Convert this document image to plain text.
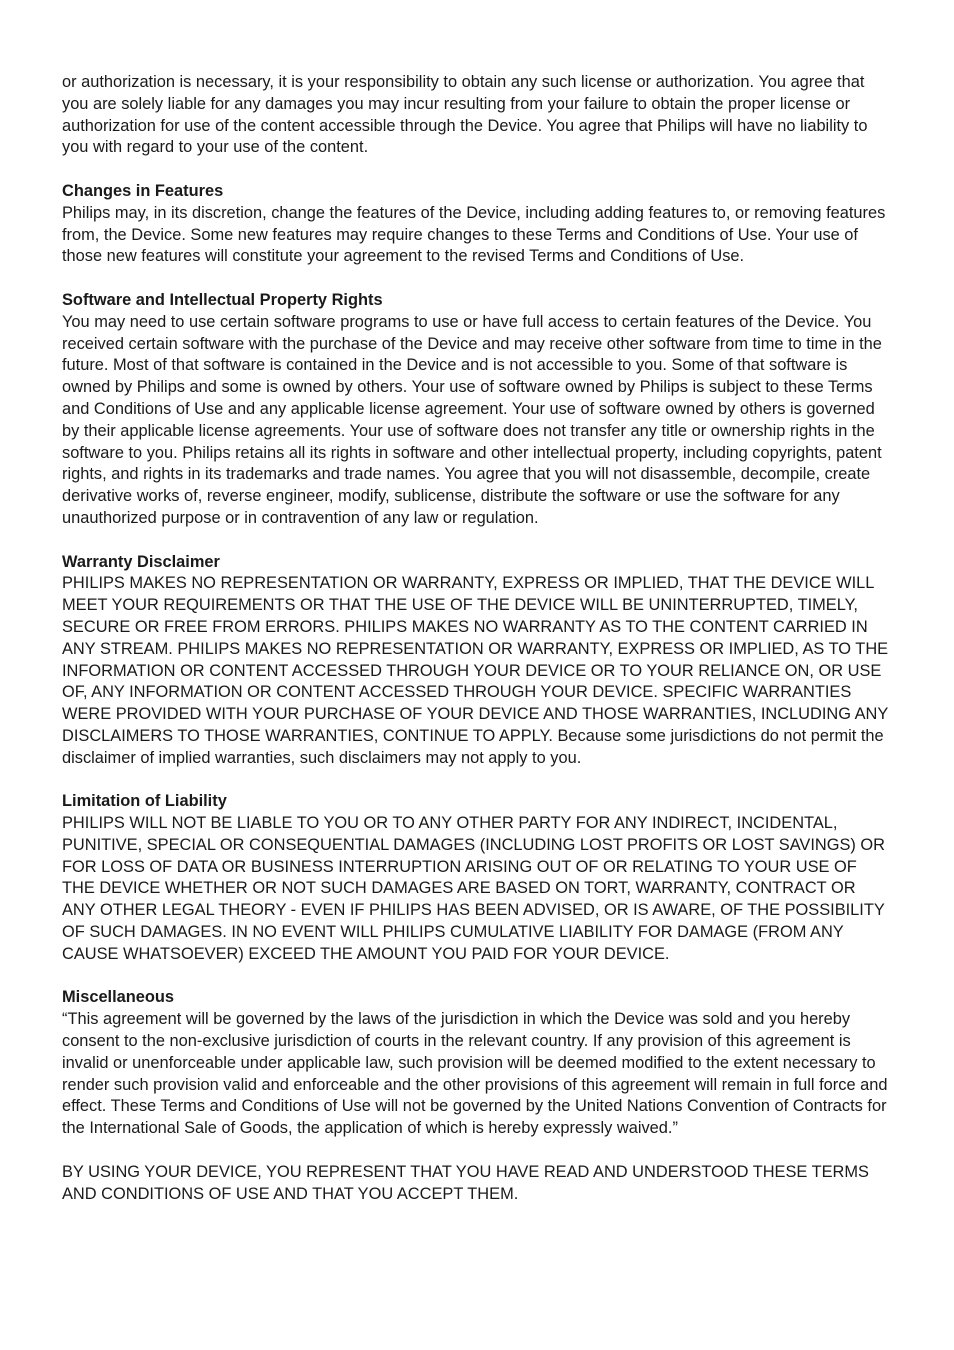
or authorization is necessary, it is your responsibility to obtain any such license or authorization. You agree that you are solely liable for any damages you may incur resulting from your failure to obtain the proper license or authorization for use of the content accessible through the Device. You agree that Philips will have no liability to you with regard to your use of the content.

Changes in Features

Philips may, in its discretion, change the features of the Device, including adding features to, or removing features from, the Device. Some new features may require changes to these Terms and Conditions of Use. Your use of those new features will constitute your agreement to the revised Terms and Conditions of Use.

Software and Intellectual Property Rights

You may need to use certain software programs to use or have full access to certain features of the Device. You received certain software with the purchase of the Device and may receive other software from time to time in the future. Most of that software is contained in the Device and is not accessible to you. Some of that software is owned by Philips and some is owned by others. Your use of software owned by Philips is subject to these Terms and Conditions of Use and any applicable license agreement. Your use of software owned by others is governed by their applicable license agreements. Your use of software does not transfer any title or ownership rights in the software to you. Philips retains all its rights in software and other intellectual property, including copyrights, patent rights, and rights in its trademarks and trade names. You agree that you will not disassemble, decompile, create derivative works of, reverse engineer, modify, sublicense, distribute the software or use the software for any unauthorized purpose or in contravention of any law or regulation.

Warranty Disclaimer

PHILIPS MAKES NO REPRESENTATION OR WARRANTY, EXPRESS OR IMPLIED, THAT THE DEVICE WILL MEET YOUR REQUIREMENTS OR THAT THE USE OF THE DEVICE WILL BE UNINTERRUPTED, TIMELY, SECURE OR FREE FROM ERRORS. PHILIPS MAKES NO WARRANTY AS TO THE CONTENT CARRIED IN ANY STREAM. PHILIPS MAKES NO REPRESENTATION OR WARRANTY, EXPRESS OR IMPLIED, AS TO THE INFORMATION OR CONTENT ACCESSED THROUGH YOUR DEVICE OR TO YOUR RELIANCE ON, OR USE OF, ANY INFORMATION OR CONTENT ACCESSED THROUGH YOUR DEVICE. SPECIFIC WARRANTIES WERE PROVIDED WITH YOUR PURCHASE OF YOUR DEVICE AND THOSE WARRANTIES, INCLUDING ANY DISCLAIMERS TO THOSE WARRANTIES, CONTINUE TO APPLY. Because some jurisdictions do not permit the disclaimer of implied warranties, such disclaimers may not apply to you.

Limitation of Liability

PHILIPS WILL NOT BE LIABLE TO YOU OR TO ANY OTHER PARTY FOR ANY INDIRECT, INCIDENTAL, PUNITIVE, SPECIAL OR CONSEQUENTIAL DAMAGES (INCLUDING LOST PROFITS OR LOST SAVINGS) OR FOR LOSS OF DATA OR BUSINESS INTERRUPTION ARISING OUT OF OR RELATING TO YOUR USE OF THE DEVICE WHETHER OR NOT SUCH DAMAGES ARE BASED ON TORT, WARRANTY, CONTRACT OR ANY OTHER LEGAL THEORY - EVEN IF PHILIPS HAS BEEN ADVISED, OR IS AWARE, OF THE POSSIBILITY OF SUCH DAMAGES. IN NO EVENT WILL PHILIPS CUMULATIVE LIABILITY FOR DAMAGE (FROM ANY CAUSE WHATSOEVER) EXCEED THE AMOUNT YOU PAID FOR YOUR DEVICE.

Miscellaneous

“This agreement will be governed by the laws of the jurisdiction in which the Device was sold and you hereby consent to the non-exclusive jurisdiction of courts in the relevant country. If any provision of this agreement is invalid or unenforceable under applicable law, such provision will be deemed modified to the extent necessary to render such provision valid and enforceable and the other provisions of this agreement will remain in full force and effect. These Terms and Conditions of Use will not be governed by the United Nations Convention of Contracts for the International Sale of Goods, the application of which is hereby expressly waived.”

BY USING YOUR DEVICE, YOU REPRESENT THAT YOU HAVE READ AND UNDERSTOOD THESE TERMS AND CONDITIONS OF USE AND THAT YOU ACCEPT THEM.
